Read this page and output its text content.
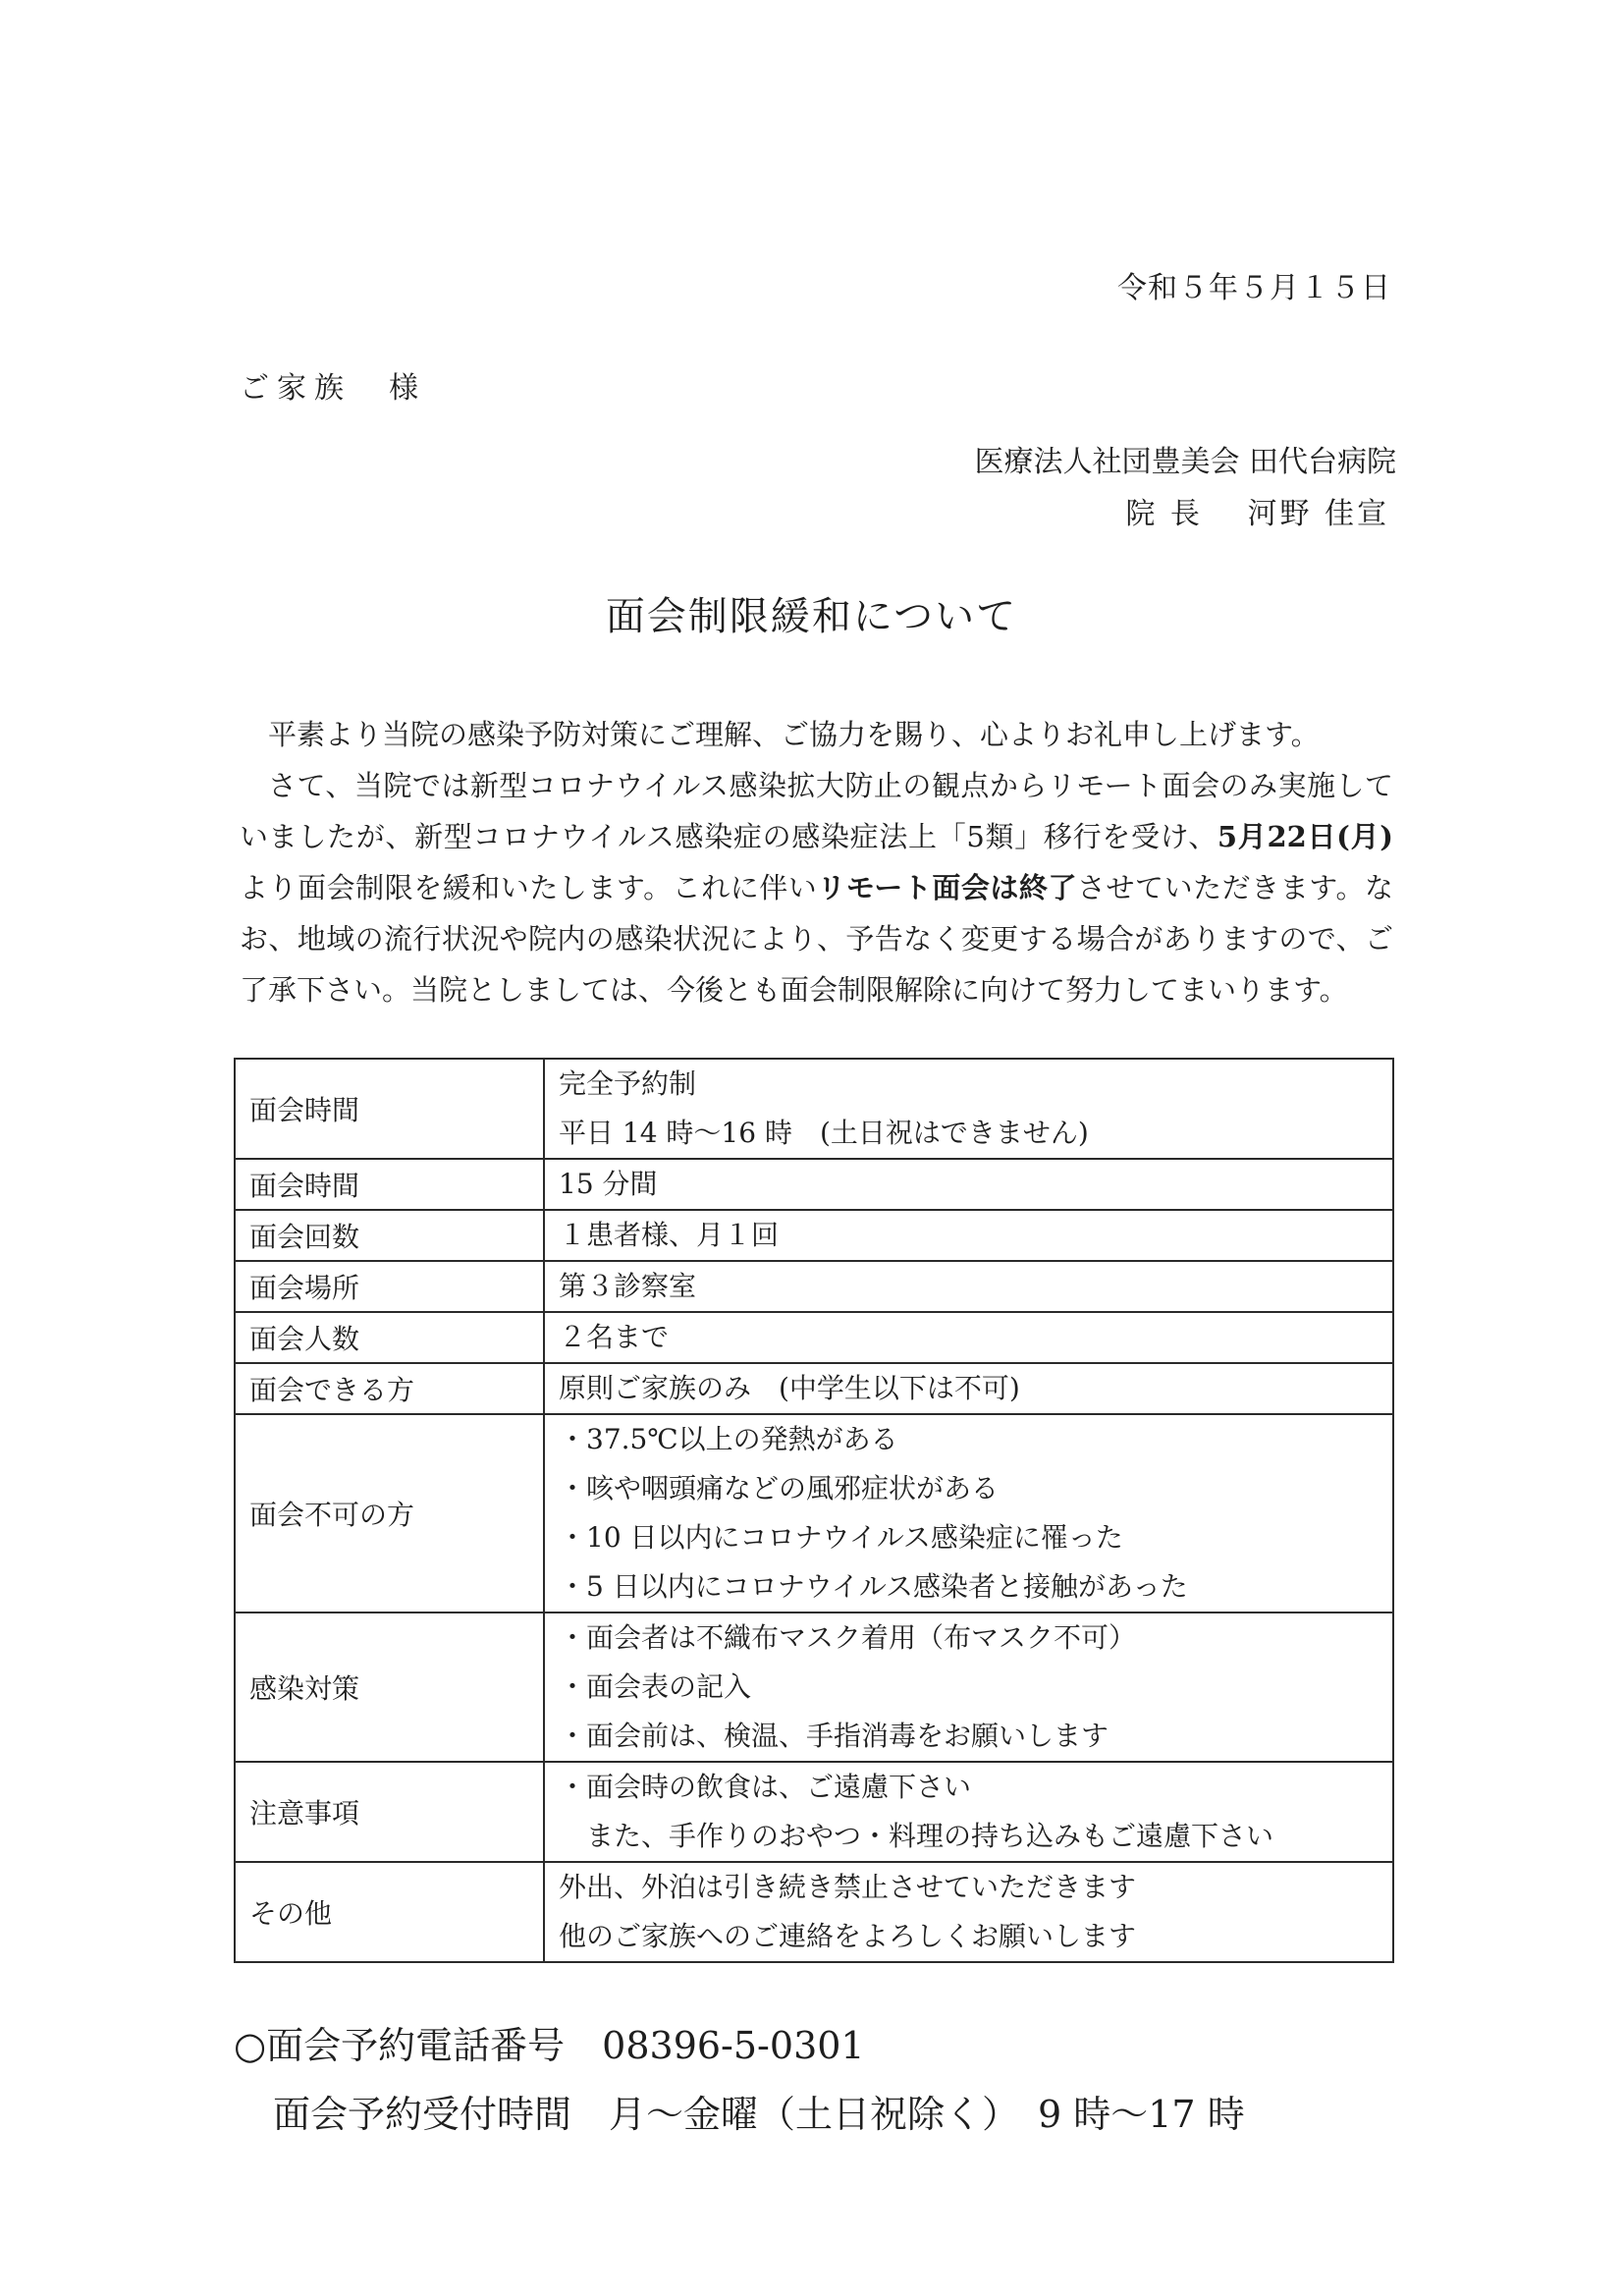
令和５年５月１５日
ご家族　様
医療法人社団豊美会 田代台病院
院 長　 河野 佳宣
面会制限緩和について

平素より当院の感染予防対策にご理解、ご協力を賜り、心よりお礼申し上げます。

さて、当院では新型コロナウイルス感染拡大防止の観点からリモート面会のみ実施していましたが、新型コロナウイルス感染症の感染症法上「5類」移行を受け、5月22日(月)より面会制限を緩和いたします。これに伴いリモート面会は終了させていただきます。なお、地域の流行状況や院内の感染状況により、予告なく変更する場合がありますので、ご了承下さい。当院としましては、今後とも面会制限解除に向けて努力してまいります。

面会時間	完全予約制
平日 14 時～16 時　(土日祝はできません)

面会時間	15 分間

面会回数	１患者様、月１回

面会場所	第３診察室

面会人数	２名まで

面会できる方	原則ご家族のみ　(中学生以下は不可)

面会不可の方	・37.5℃以上の発熱がある
・咳や咽頭痛などの風邪症状がある
・10 日以内にコロナウイルス感染症に罹った
・5 日以内にコロナウイルス感染者と接触があった

感染対策	・面会者は不織布マスク着用（布マスク不可）
・面会表の記入
・面会前は、検温、手指消毒をお願いします

注意事項	・面会時の飲食は、ご遠慮下さい
　また、手作りのおやつ・料理の持ち込みもご遠慮下さい

その他	外出、外泊は引き続き禁止させていただきます
他のご家族へのご連絡をよろしくお願いします
○面会予約電話番号　08396-5-0301
面会予約受付時間　月～金曜（土日祝除く）　9 時～17 時
